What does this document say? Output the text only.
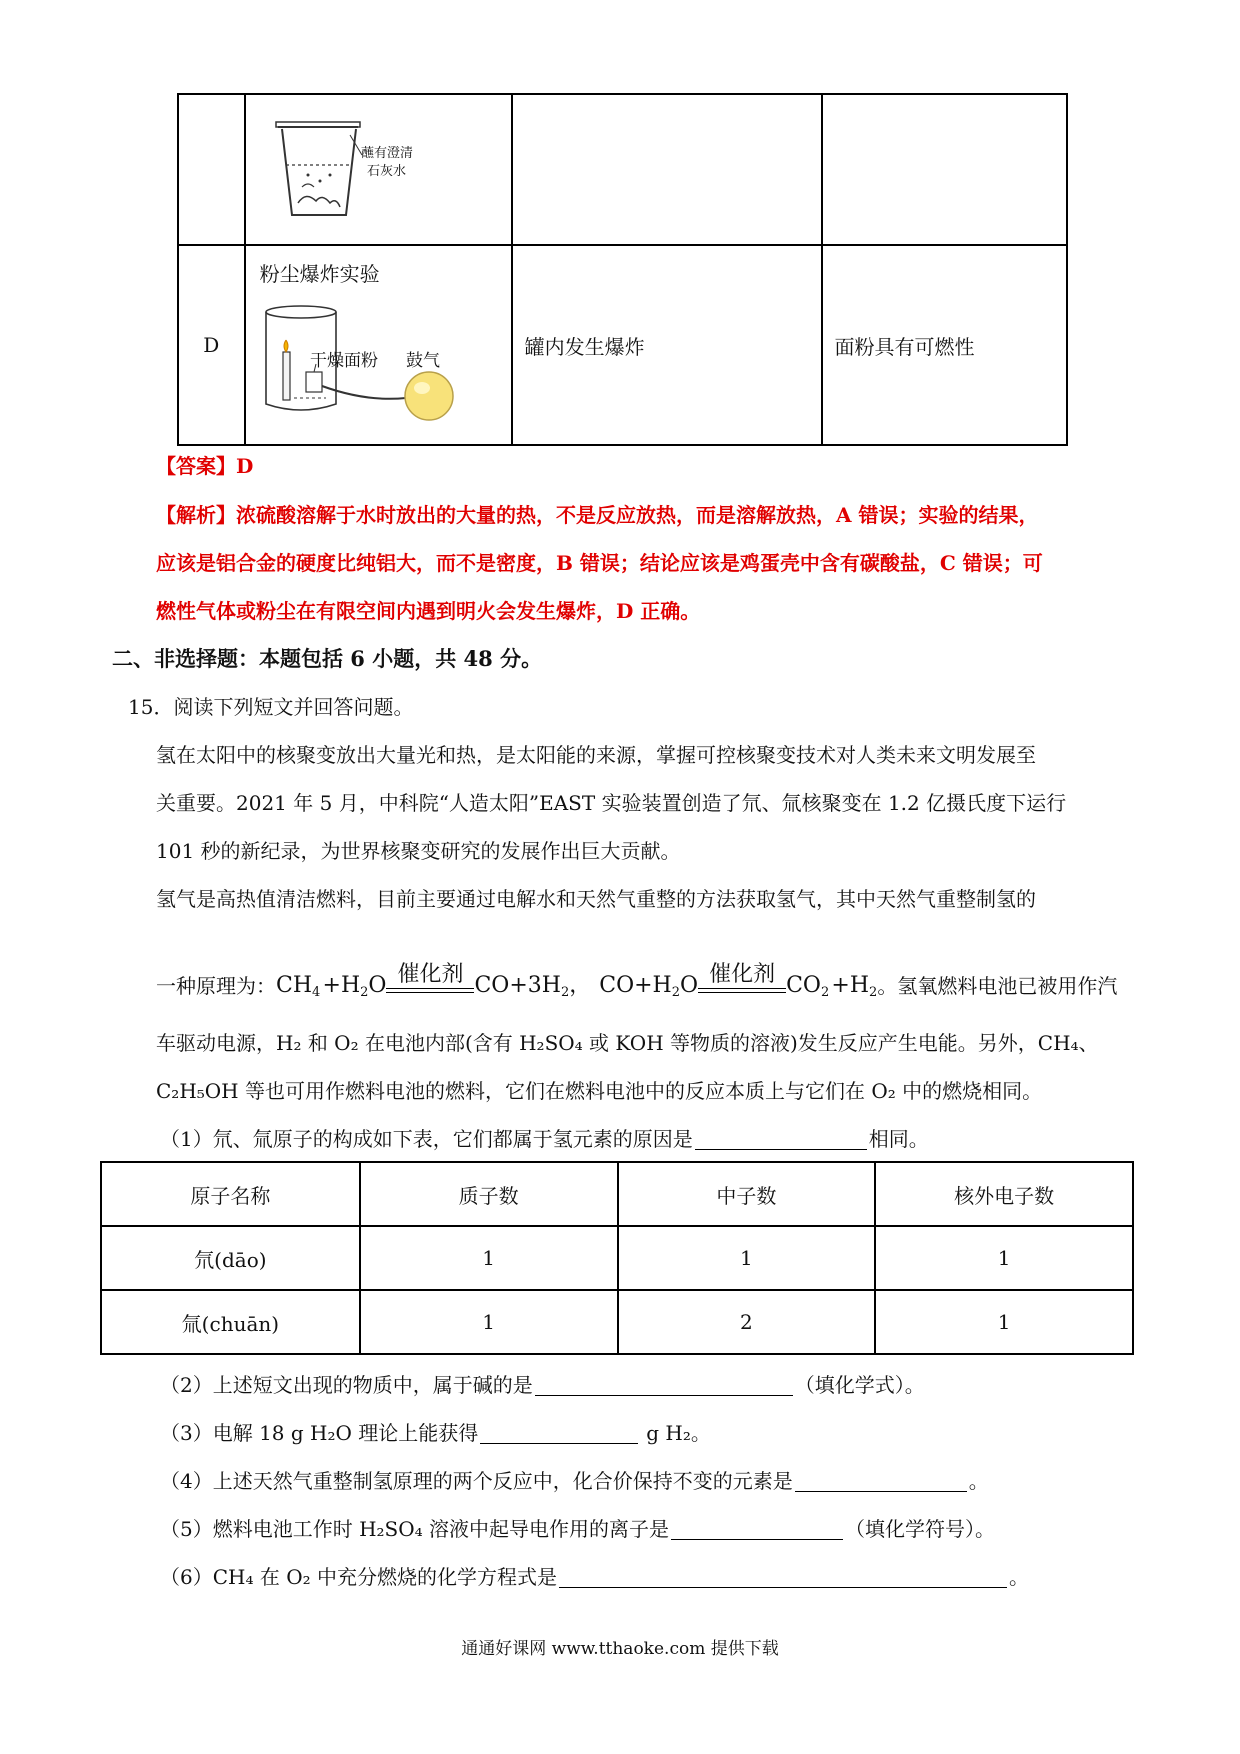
蘸有澄清
石灰水		

D	粉尘爆炸实验
干燥面粉 鼓气	罐内发生爆炸	面粉具有可燃性
【答案】D
【解析】浓硫酸溶解于水时放出的大量的热，不是反应放热，而是溶解放热，A 错误；实验的结果，
应该是铝合金的硬度比纯铝大，而不是密度，B 错误；结论应该是鸡蛋壳中含有碳酸盐，C 错误；可
燃性气体或粉尘在有限空间内遇到明火会发生爆炸，D 正确。
二、非选择题：本题包括 6 小题，共 48 分。
15．阅读下列短文并回答问题。
氢在太阳中的核聚变放出大量光和热，是太阳能的来源，掌握可控核聚变技术对人类未来文明发展至
关重要。2021 年 5 月，中科院“人造太阳”EAST 实验装置创造了氘、氚核聚变在 1.2 亿摄氏度下运行
101 秒的新纪录，为世界核聚变研究的发展作出巨大贡献。
氢气是高热值清洁燃料，目前主要通过电解水和天然气重整的方法获取氢气，其中天然气重整制氢的
一种原理为： $CH_4$ $+H_2O$ 催化剂 $CO+3H_2$， $CO+H_2O$ 催化剂 $CO_2$ $+H_2$ 。氢氧燃料电池已被用作汽
车驱动电源，H₂ 和 O₂ 在电池内部(含有 H₂SO₄ 或 KOH 等物质的溶液)发生反应产生电能。另外，CH₄、
C₂H₅OH 等也可用作燃料电池的燃料，它们在燃料电池中的反应本质上与它们在 O₂ 中的燃烧相同。
（1）氘、氚原子的构成如下表，它们都属于氢元素的原因是	相同。
原子名称	质子数	中子数	核外电子数
氘(dāo)	1	1	1
氚(chuān)	1	2	1
（2）上述短文出现的物质中，属于碱的是	（填化学式）。
（3）电解 18 g H₂O 理论上能获得	g H₂。
（4）上述天然气重整制氢原理的两个反应中，化合价保持不变的元素是	。
（5）燃料电池工作时 H₂SO₄ 溶液中起导电作用的离子是	（填化学符号）。
（6）CH₄ 在 O₂ 中充分燃烧的化学方程式是	。
通通好课网 www.tthaoke.com 提供下载
